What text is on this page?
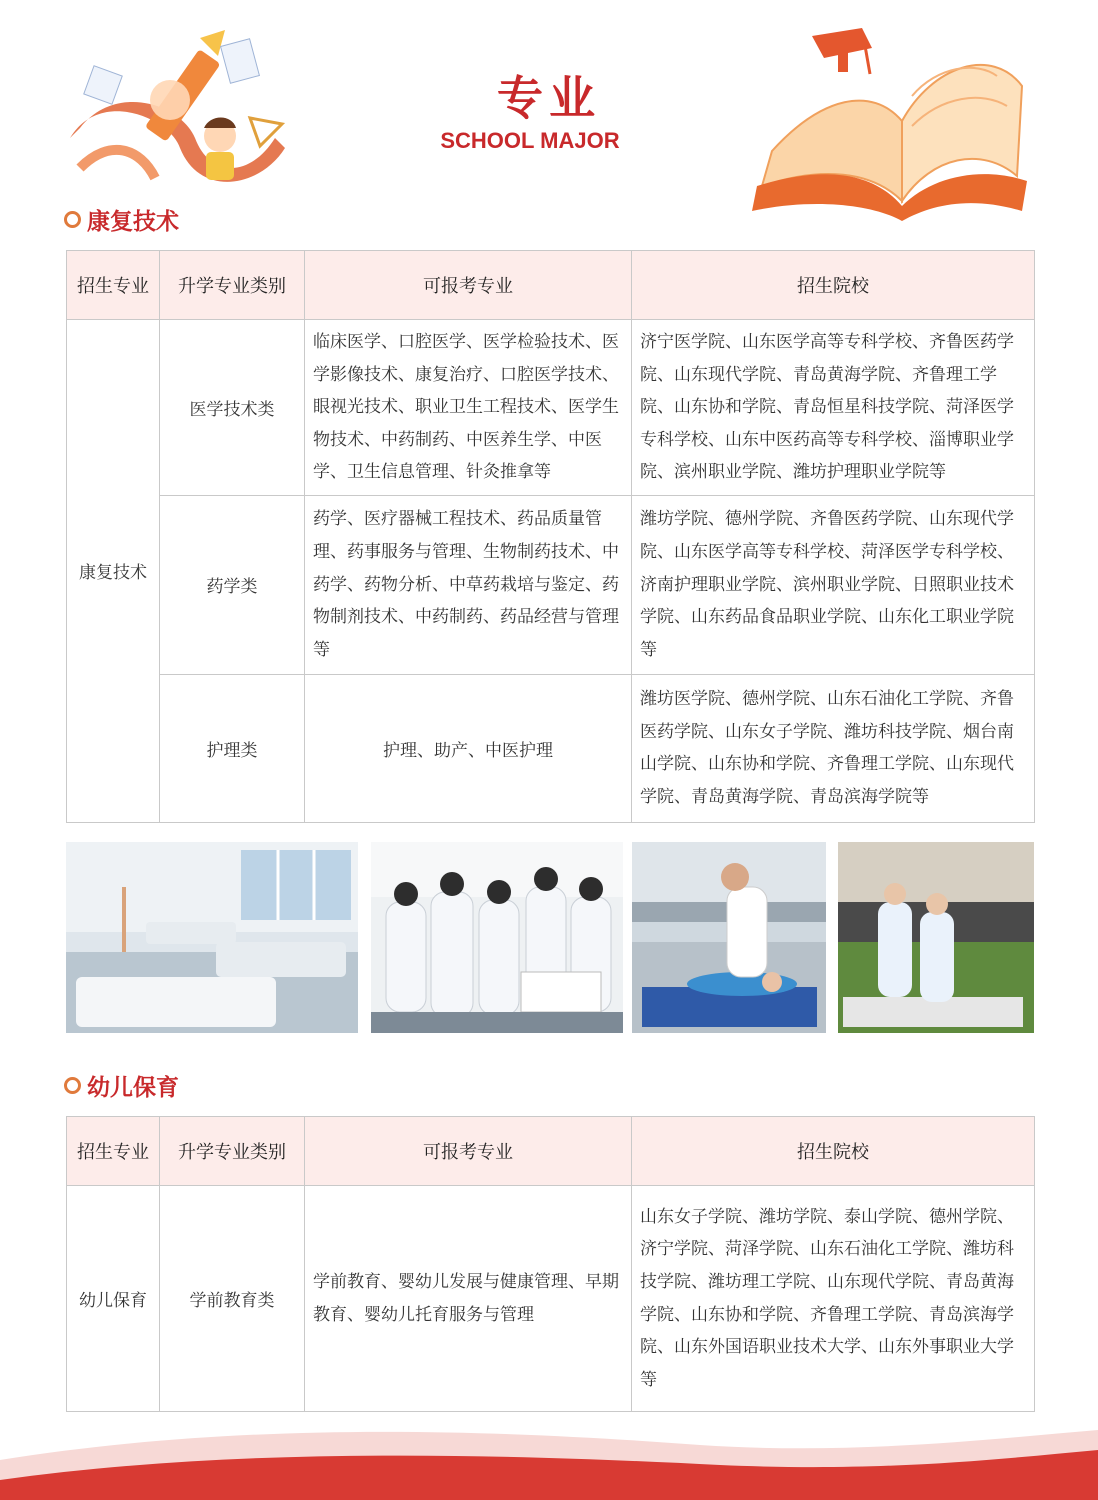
专业
SCHOOL MAJOR
康复技术
招生专业	升学专业类别	可报考专业	招生院校
康复技术	医学技术类	临床医学、口腔医学、医学检验技术、医学影像技术、康复治疗、口腔医学技术、眼视光技术、职业卫生工程技术、医学生物技术、中药制药、中医养生学、中医学、卫生信息管理、针灸推拿等	济宁医学院、山东医学高等专科学校、齐鲁医药学院、山东现代学院、青岛黄海学院、齐鲁理工学院、山东协和学院、青岛恒星科技学院、菏泽医学专科学校、山东中医药高等专科学校、淄博职业学院、滨州职业学院、潍坊护理职业学院等
	药学类	药学、医疗器械工程技术、药品质量管理、药事服务与管理、生物制药技术、中药学、药物分析、中草药栽培与鉴定、药物制剂技术、中药制药、药品经营与管理等	潍坊学院、德州学院、齐鲁医药学院、山东现代学院、山东医学高等专科学校、菏泽医学专科学校、济南护理职业学院、滨州职业学院、日照职业技术学院、山东药品食品职业学院、山东化工职业学院等
	护理类	护理、助产、中医护理	潍坊医学院、德州学院、山东石油化工学院、齐鲁医药学院、山东女子学院、潍坊科技学院、烟台南山学院、山东协和学院、齐鲁理工学院、山东现代学院、青岛黄海学院、青岛滨海学院等
幼儿保育
招生专业	升学专业类别	可报考专业	招生院校
幼儿保育	学前教育类	学前教育、婴幼儿发展与健康管理、早期教育、婴幼儿托育服务与管理	山东女子学院、潍坊学院、泰山学院、德州学院、济宁学院、菏泽学院、山东石油化工学院、潍坊科技学院、潍坊理工学院、山东现代学院、青岛黄海学院、山东协和学院、齐鲁理工学院、青岛滨海学院、山东外国语职业技术大学、山东外事职业大学等
